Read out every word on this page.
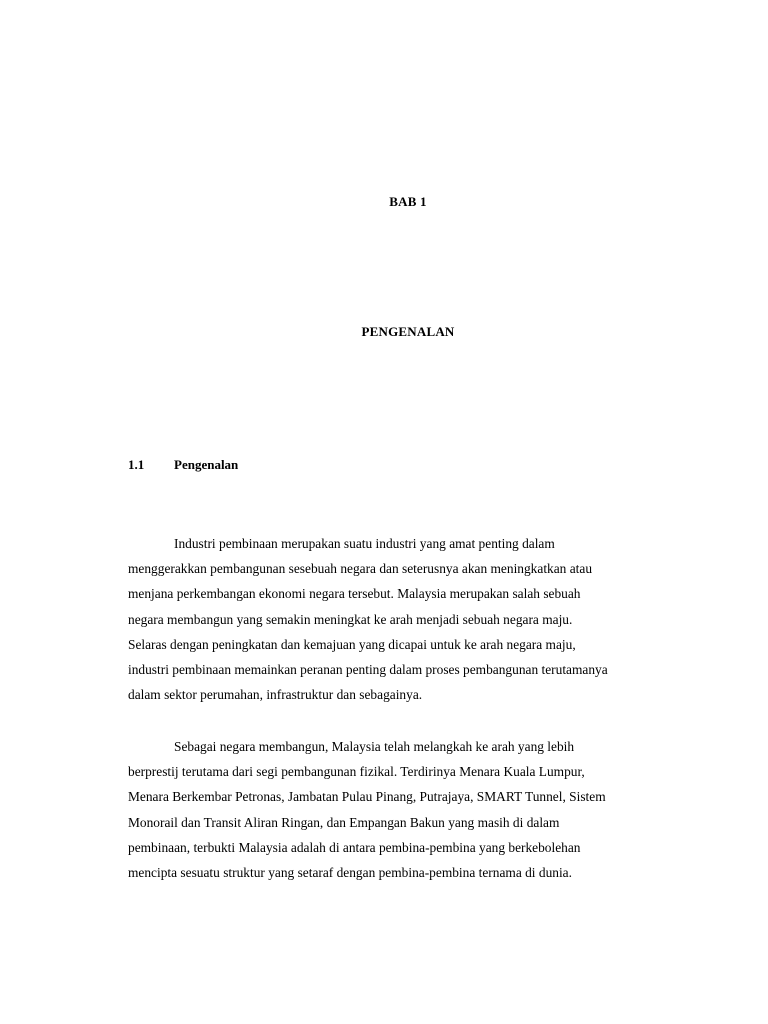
BAB 1
PENGENALAN
1.1 Pengenalan
Industri pembinaan merupakan suatu industri yang amat penting dalam
menggerakkan pembangunan sesebuah negara dan seterusnya akan meningkatkan atau
menjana perkembangan ekonomi negara tersebut. Malaysia merupakan salah sebuah
negara membangun yang semakin meningkat ke arah menjadi sebuah negara maju.
Selaras dengan peningkatan dan kemajuan yang dicapai untuk ke arah negara maju,
industri pembinaan memainkan peranan penting dalam proses pembangunan terutamanya
dalam sektor perumahan, infrastruktur dan sebagainya.
Sebagai negara membangun, Malaysia telah melangkah ke arah yang lebih
berprestij terutama dari segi pembangunan fizikal. Terdirinya Menara Kuala Lumpur,
Menara Berkembar Petronas, Jambatan Pulau Pinang, Putrajaya, SMART Tunnel, Sistem
Monorail dan Transit Aliran Ringan, dan Empangan Bakun yang masih di dalam
pembinaan, terbukti Malaysia adalah di antara pembina-pembina yang berkebolehan
mencipta sesuatu struktur yang setaraf dengan pembina-pembina ternama di dunia.
